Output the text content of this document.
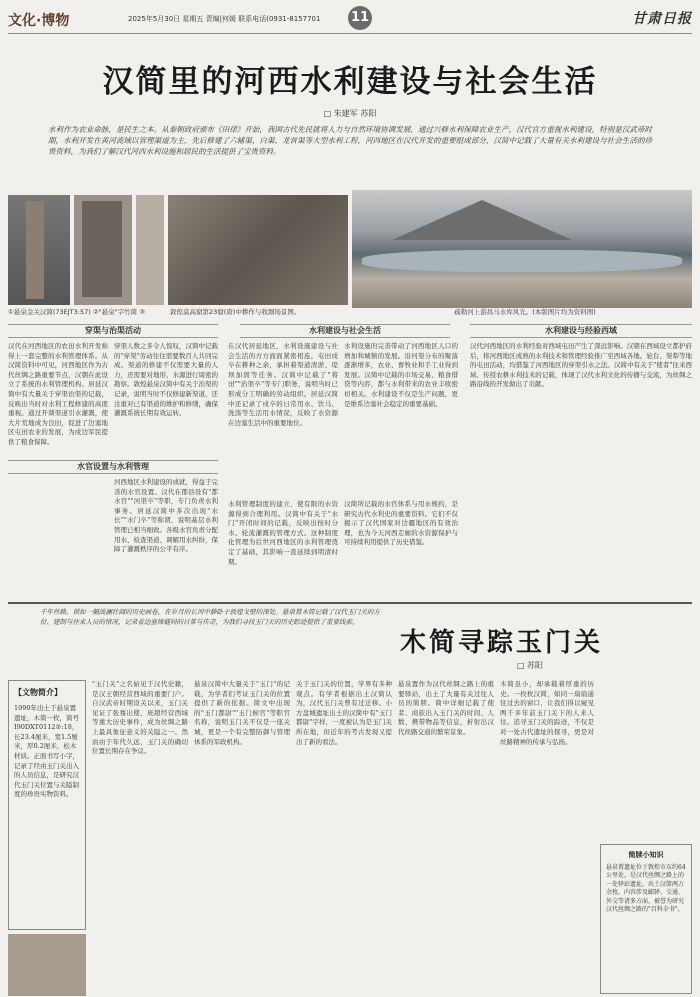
文化·博物	2025年5月30日 星期五 责编|何媛 联系电话(0931-8157701 11	甘肃日报
汉简里的河西水利建设与社会生活
□ 朱建军 苏阳
水利作为农业命脉，是民生之本。从秦朝政府颁布《田律》开始，我国古代先民就将人力与自然环境协调发展，通过兴修水利保障农业生产，汉代官方重视水利建设，特别是汉武帝时期，水利开发在黄河流域以管理渠道为主，先后修建了六辅渠、白渠、龙首渠等大型水利工程，河西地区在汉代开发的重要组成部分，汉简中记载了大量有关水利建设与社会生活的珍贵资料，为我们了解汉代河西水利设施和居民的生活提供了宝贵资料。
①悬泉金关汉简(73EJT3:57) ②"悬泉"字竹简 ③	敦煌莫高窟第23窟(唐)中耕作与收割场景图。	疏勒河上游昌马水库风光。(本版图片均为资料图)
穿渠与治渠活动	水利建设与社会生活	水利建设与经验西域
汉代在河西地区的农田水利开发称得上一套完整的水利管理体系。从汉简资料中可见，河西地区作为古代丝绸之路重要节点，汉朝在此设立了系统的水利管理机构。居延汉简中有大量关于穿渠治渠的记载，反映出当时对水利工程修建的高度重视。通过开凿渠道引水灌溉，使大片荒地成为良田，促进了边塞地区屯田农业的发展，为戍边军民提供了粮食保障。
穿渠人数之多令人惊叹，汉简中记载的"穿渠"劳动往往需要数百人共同完成。渠道的修建不仅需要大量的人力，还需要对地形、水源进行周密的勘察。敦煌悬泉汉简中有关于治渠的记录，说明当时不仅修建新渠道，还注重对已有渠道的维护和修缮，确保灌溉系统长期有效运转。
在汉代居延地区，水利设施建设与社会生活的方方面面紧密相连。屯田戍卒在耕种之余，承担着渠道清淤、堤坝加固等任务。汉简中记载了"将田""治渠卒"等专门职务，说明当时已形成分工明确的劳动组织。居延汉简中还记录了戍卒的日常用水、饮马、洗涤等生活用水情况，反映了水资源在边塞生活中的重要地位。
水利设施的完善带动了河西地区人口的增加和城镇的发展。沿河渠分布的聚落逐渐增多，农业、畜牧业和手工业得到发展。汉简中记载的市场交易、粮食借贷等内容，都与水利带来的农业丰收密切相关。水利建设不仅是生产问题，更是维系边塞社会稳定的重要基础。
汉代河西地区的水利经验对西域屯田产生了深远影响。汉朝在西域设立都护府后，将河西地区成熟的水利技术和管理经验推广至西域各地。轮台、渠犁等地的屯田活动，均借鉴了河西地区的穿渠引水之法。汉简中有关于"使者"往来西域、传授农耕水利技术的记载，体现了汉代水利文化的传播与交流，为丝绸之路沿线的开发做出了贡献。
水官设置与水利管理
河西地区水利建设的成就，得益于完善的水官设置。汉代在郡县设有"都水官""河渠卒"等职，专门负责水利事务。居延汉简中多次出现"水长""水门卒"等称谓，说明基层水利管理已相当细致。各级水官负责分配用水、检查渠道、调解用水纠纷，保障了灌溉秩序的公平有序。
水利管理制度的建立，使有限的水资源得到合理利用。汉简中有关于"水门"开闭时间的记载，反映出按时分水、轮流灌溉的管理方式。这种制度化管理为后世河西地区的水利管理奠定了基础，其影响一直延续到明清时期。
汉简所记载的水官体系与用水规约，是研究古代水利史的重要资料。它们不仅揭示了汉代国家对边疆地区的有效治理，也为今天河西走廊的水资源保护与可持续利用提供了历史借鉴。
千年丝路，锁如一幅波澜壮阔的历史画卷，在岁月的长河中静卧于敦煌戈壁的深处。悬泉置木简记载了汉代玉门关的方位、建制与往来人员的情况，记录着边塞烽燧间的日常与传奇，为我们寻找玉门关的历史踪迹提供了重要线索。
木简寻踪玉门关
□ 苏阳
【文物简介】
1990年出土于悬泉置遗址，木简一枚，简号Ⅰ90DXT0112②:18，长23.4厘米，宽1.5厘米，厚0.2厘米，松木材质。正面书写小字，记录了经由玉门关出入的人员信息，是研究汉代玉门关位置与关隘制度的珍贵实物资料。
"玉门关"之名始见于汉代史籍，是汉王朝经营西域的重要门户。自汉武帝时期设关以来，玉门关见证了张骞出使、班超经营西域等重大历史事件，成为丝绸之路上最具象征意义的关隘之一。然而由于年代久远，玉门关的确切位置长期存在争议。
悬泉汉简中大量关于"玉门"的记载，为学者们考证玉门关的位置提供了新的依据。简文中出现的"玉门都尉""玉门候官"等职官名称，说明玉门关不仅是一座关城，更是一个有完整防御与管理体系的军政机构。
关于玉门关的位置，学界有多种观点。有学者根据出土汉简认为，汉代玉门关曾有过迁移。小方盘城遗址出土的汉简中有"玉门都尉"字样，一度被认为是玉门关所在地，但近年的考古发现又提出了新的看法。
悬泉置作为汉代丝绸之路上的重要驿站，出土了大量有关过往人员的简牍。简中详细记载了使者、商旅出入玉门关的时间、人数、携带物品等信息，折射出汉代丝路交通的繁荣景象。
木简虽小，却承载着厚重的历史。一枚枚汉简，如同一扇扇通往过去的窗口，让我们得以窥见两千多年前玉门关下的人来人往。追寻玉门关的踪迹，不仅是对一处古代遗址的探寻，更是对丝路精神的传承与弘扬。
简牍小知识
悬泉置遗址位于敦煌市东约64公里处，是汉代丝绸之路上的一处驿站遗址，出土汉简两万余枚，内容涉及邮驿、交通、外交等诸多方面，被誉为研究汉代丝绸之路的"百科全书"。
